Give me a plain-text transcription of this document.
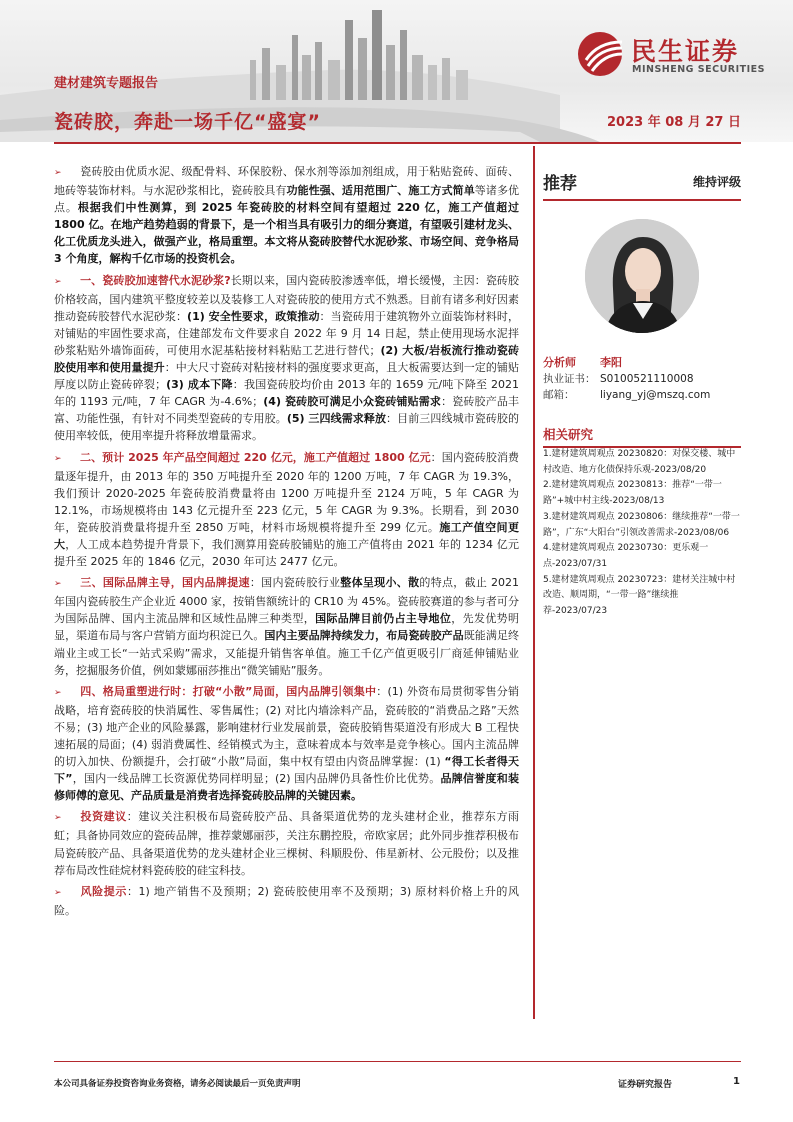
民生证券
MINSHENG SECURITIES
建材建筑专题报告
瓷砖胶，奔赴一场千亿“盛宴”	2023 年 08 月 27 日

➢ 瓷砖胶由优质水泥、级配骨料、环保胶粉、保水剂等添加剂组成，用于粘贴瓷砖、面砖、地砖等装饰材料。与水泥砂浆相比，瓷砖胶具有功能性强、适用范围广、施工方式简单等诸多优点。根据我们中性测算，到 2025 年瓷砖胶的材料空间有望超过 220 亿，施工产值超过 1800 亿。在地产趋势趋弱的背景下，是一个相当具有吸引力的细分赛道，有望吸引建材龙头、化工优质龙头进入，做强产业，格局重塑。本文将从瓷砖胶替代水泥砂浆、市场空间、竞争格局 3 个角度，解构千亿市场的投资机会。

➢ 一、瓷砖胶加速替代水泥砂浆?长期以来，国内瓷砖胶渗透率低，增长缓慢，主因：瓷砖胶价格较高，国内建筑平整度较差以及装修工人对瓷砖胶的使用方式不熟悉。目前有诸多利好因素推动瓷砖胶替代水泥砂浆：(1) 安全性要求，政策推动：当瓷砖用于建筑物外立面装饰材料时，对铺贴的牢固性要求高，住建部发布文件要求自 2022 年 9 月 14 日起，禁止使用现场水泥拌砂浆粘贴外墙饰面砖，可使用水泥基粘接材料粘贴工艺进行替代；(2) 大板/岩板流行推动瓷砖胶使用率和使用量提升：中大尺寸瓷砖对粘接材料的强度要求更高，且大板需要达到一定的铺贴厚度以防止瓷砖碎裂；(3) 成本下降：我国瓷砖胶均价由 2013 年的 1659 元/吨下降至 2021 年的 1193 元/吨，7 年 CAGR 为-4.6%；(4) 瓷砖胶可满足小众瓷砖铺贴需求：瓷砖胶产品丰富、功能性强，有针对不同类型瓷砖的专用胶。(5) 三四线需求释放：目前三四线城市瓷砖胶的使用率较低，使用率提升将释放增量需求。

➢ 二、预计 2025 年产品空间超过 220 亿元，施工产值超过 1800 亿元：国内瓷砖胶消费量逐年提升，由 2013 年的 350 万吨提升至 2020 年的 1200 万吨，7 年 CAGR 为 19.3%，我们预计 2020-2025 年瓷砖胶消费量将由 1200 万吨提升至 2124 万吨，5 年 CAGR 为 12.1%，市场规模将由 143 亿元提升至 223 亿元，5 年 CAGR 为 9.3%。长期看，到 2030 年，瓷砖胶消费量将提升至 2850 万吨，材料市场规模将提升至 299 亿元。施工产值空间更大，人工成本趋势提升背景下，我们测算用瓷砖胶铺贴的施工产值将由 2021 年的 1234 亿元提升至 2025 年的 1846 亿元，2030 年可达 2477 亿元。

➢ 三、国际品牌主导，国内品牌提速：国内瓷砖胶行业整体呈现小、散的特点，截止 2021 年国内瓷砖胶生产企业近 4000 家，按销售额统计的 CR10 为 45%。瓷砖胶赛道的参与者可分为国际品牌、国内主流品牌和区域性品牌三种类型，国际品牌目前仍占主导地位，先发优势明显，渠道布局与客户营销方面均积淀已久。国内主要品牌持续发力，布局瓷砖胶产品既能满足终端业主或工长“一站式采购”需求，又能提升销售客单值。施工千亿产值更吸引厂商延伸铺贴业务，挖掘服务价值，例如蒙娜丽莎推出“微笑铺贴”服务。

➢ 四、格局重塑进行时：打破“小散”局面，国内品牌引领集中：(1) 外资布局贯彻零售分销战略，培育瓷砖胶的快消属性、零售属性；(2) 对比内墙涂料产品，瓷砖胶的“消费品之路”天然不易；(3) 地产企业的风险暴露，影响建材行业发展前景，瓷砖胶销售渠道没有形成大 B 工程快速拓展的局面；(4) 弱消费属性、经销模式为主，意味着成本与效率是竞争核心。国内主流品牌的切入加快、份额提升，会打破“小散”局面，集中权有望由内资品牌掌握：(1) “得工长者得天下”，国内一线品牌工长资源优势同样明显；(2) 国内品牌仍具备性价比优势。品牌信誉度和装修师傅的意见、产品质量是消费者选择瓷砖胶品牌的关键因素。

➢ 投资建议：建议关注积极布局瓷砖胶产品、具备渠道优势的龙头建材企业，推荐东方雨虹；具备协同效应的瓷砖品牌，推荐蒙娜丽莎，关注东鹏控股，帝欧家居；此外同步推荐积极布局瓷砖胶产品、具备渠道优势的龙头建材企业三棵树、科顺股份、伟星新材、公元股份；以及推荐布局改性硅烷材料瓷砖胶的硅宝科技。

➢ 风险提示：1) 地产销售不及预期；2) 瓷砖胶使用率不及预期；3) 原材料价格上升的风险。

推荐	维持评级
分析师 李阳
执业证书： S0100521110008
邮箱： liyang_yj@mszq.com
相关研究

1.建材建筑周观点 20230820：对保交楼、城中村改造、地方化债保持乐观-2023/08/20

2.建材建筑周观点 20230813：推荐“一带一路”+城中村主线-2023/08/13

3.建材建筑周观点 20230806：继续推荐“一带一路”，广东“大阳台”引领改善需求-2023/08/06

4.建材建筑周观点 20230730：更乐观一点-2023/07/31

5.建材建筑周观点 20230723：建材关注城中村改造、顺周期，“一带一路”继续推荐-2023/07/23

本公司具备证券投资咨询业务资格，请务必阅读最后一页免责声明	证券研究报告	1
